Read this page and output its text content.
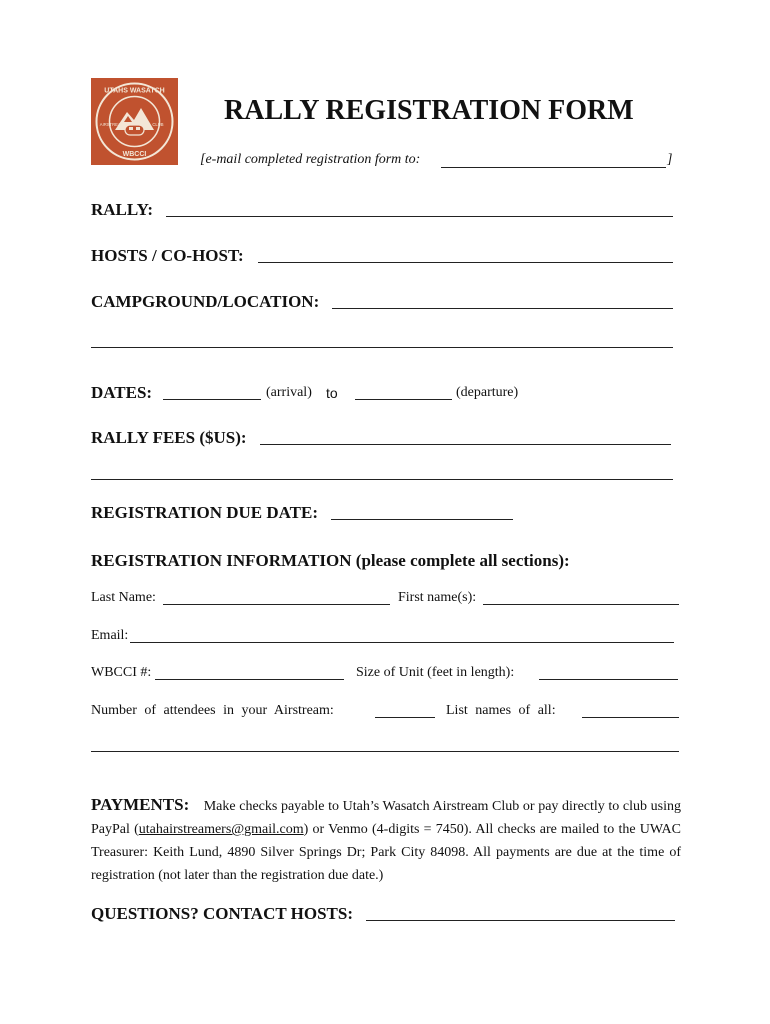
UTAHS WASATCH
AIRSTREAM	CLUB
WBCCI
RALLY REGISTRATION FORM
[e-mail completed registration form to:	]
RALLY:
HOSTS / CO-HOST:
CAMPGROUND/LOCATION:
DATES:	(arrival) to	(departure)
RALLY FEES ($US):
REGISTRATION DUE DATE:
REGISTRATION INFORMATION (please complete all sections):
Last Name:	First name(s):
Email:
WBCCI #:	Size of Unit (feet in length):
Number of attendees in your Airstream:	List names of all:
PAYMENTS: Make checks payable to Utah’s Wasatch Airstream Club or pay directly to club using PayPal (utahairstreamers@gmail.com) or Venmo (4-digits = 7450). All checks are mailed to the UWAC Treasurer: Keith Lund, 4890 Silver Springs Dr; Park City 84098. All payments are due at the time of registration (not later than the registration due date.)
QUESTIONS? CONTACT HOSTS:
